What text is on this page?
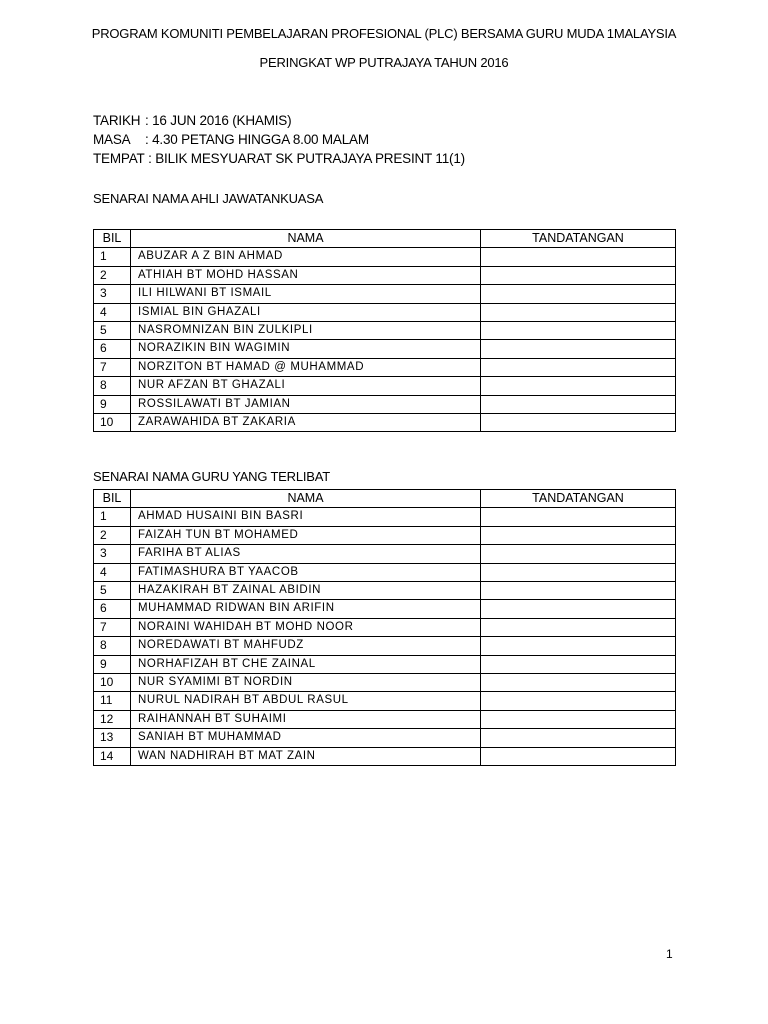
PROGRAM KOMUNITI PEMBELAJARAN PROFESIONAL (PLC) BERSAMA GURU MUDA 1MALAYSIA
PERINGKAT WP PUTRAJAYA TAHUN 2016
TARIKH : 16 JUN 2016 (KHAMIS)
MASA : 4.30 PETANG HINGGA 8.00 MALAM
TEMPAT : BILIK MESYUARAT SK PUTRAJAYA PRESINT 11(1)
SENARAI NAMA AHLI JAWATANKUASA
BIL	NAMA	TANDATANGAN
1	ABUZAR A Z BIN AHMAD	
2	ATHIAH BT MOHD HASSAN	
3	ILI HILWANI BT ISMAIL	
4	ISMIAL BIN GHAZALI	
5	NASROMNIZAN BIN ZULKIPLI	
6	NORAZIKIN BIN WAGIMIN	
7	NORZITON BT HAMAD @ MUHAMMAD	
8	NUR AFZAN BT GHAZALI	
9	ROSSILAWATI BT JAMIAN	
10	ZARAWAHIDA BT ZAKARIA	
SENARAI NAMA GURU YANG TERLIBAT
BIL	NAMA	TANDATANGAN
1	AHMAD HUSAINI BIN BASRI	
2	FAIZAH TUN BT MOHAMED	
3	FARIHA BT ALIAS	
4	FATIMASHURA BT YAACOB	
5	HAZAKIRAH BT ZAINAL ABIDIN	
6	MUHAMMAD RIDWAN BIN ARIFIN	
7	NORAINI WAHIDAH BT MOHD NOOR	
8	NOREDAWATI BT MAHFUDZ	
9	NORHAFIZAH BT CHE ZAINAL	
10	NUR SYAMIMI BT NORDIN	
11	NURUL NADIRAH BT ABDUL RASUL	
12	RAIHANNAH BT SUHAIMI	
13	SANIAH BT MUHAMMAD	
14	WAN NADHIRAH BT MAT ZAIN	
1
